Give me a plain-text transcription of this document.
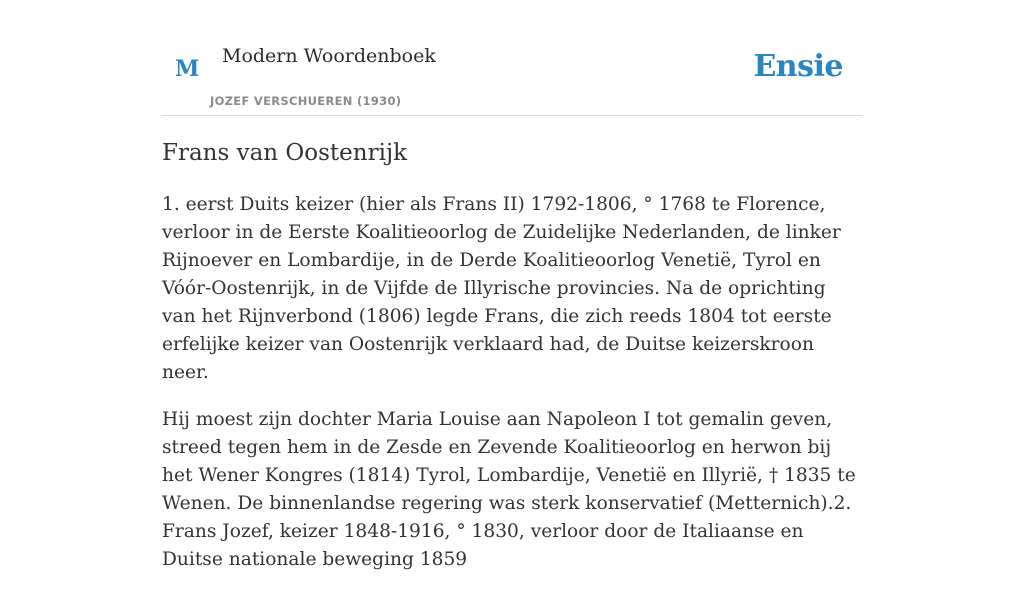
M Modern Woordenboek
JOZEF VERSCHUEREN (1930)
Ensie
Frans van Oostenrijk

1. eerst Duits keizer (hier als Frans II) 1792-1806, ° 1768 te Florence, verloor in de Eerste Koalitieoorlog de Zuidelijke Nederlanden, de linker Rijnoever en Lombardije, in de Derde Koalitieoorlog Venetië, Tyrol en Vóór-Oostenrijk, in de Vijfde de Illyrische provincies. Na de oprichting van het Rijnverbond (1806) legde Frans, die zich reeds 1804 tot eerste erfelijke keizer van Oostenrijk verklaard had, de Duitse keizerskroon neer.

Hij moest zijn dochter Maria Louise aan Napoleon I tot gemalin geven, streed tegen hem in de Zesde en Zevende Koalitieoorlog en herwon bij het Wener Kongres (1814) Tyrol, Lombardije, Venetië en Illyrië, † 1835 te Wenen. De binnenlandse regering was sterk konservatief (Metternich).2. Frans Jozef, keizer 1848-1916, ° 1830, verloor door de Italiaanse en Duitse nationale beweging 1859
